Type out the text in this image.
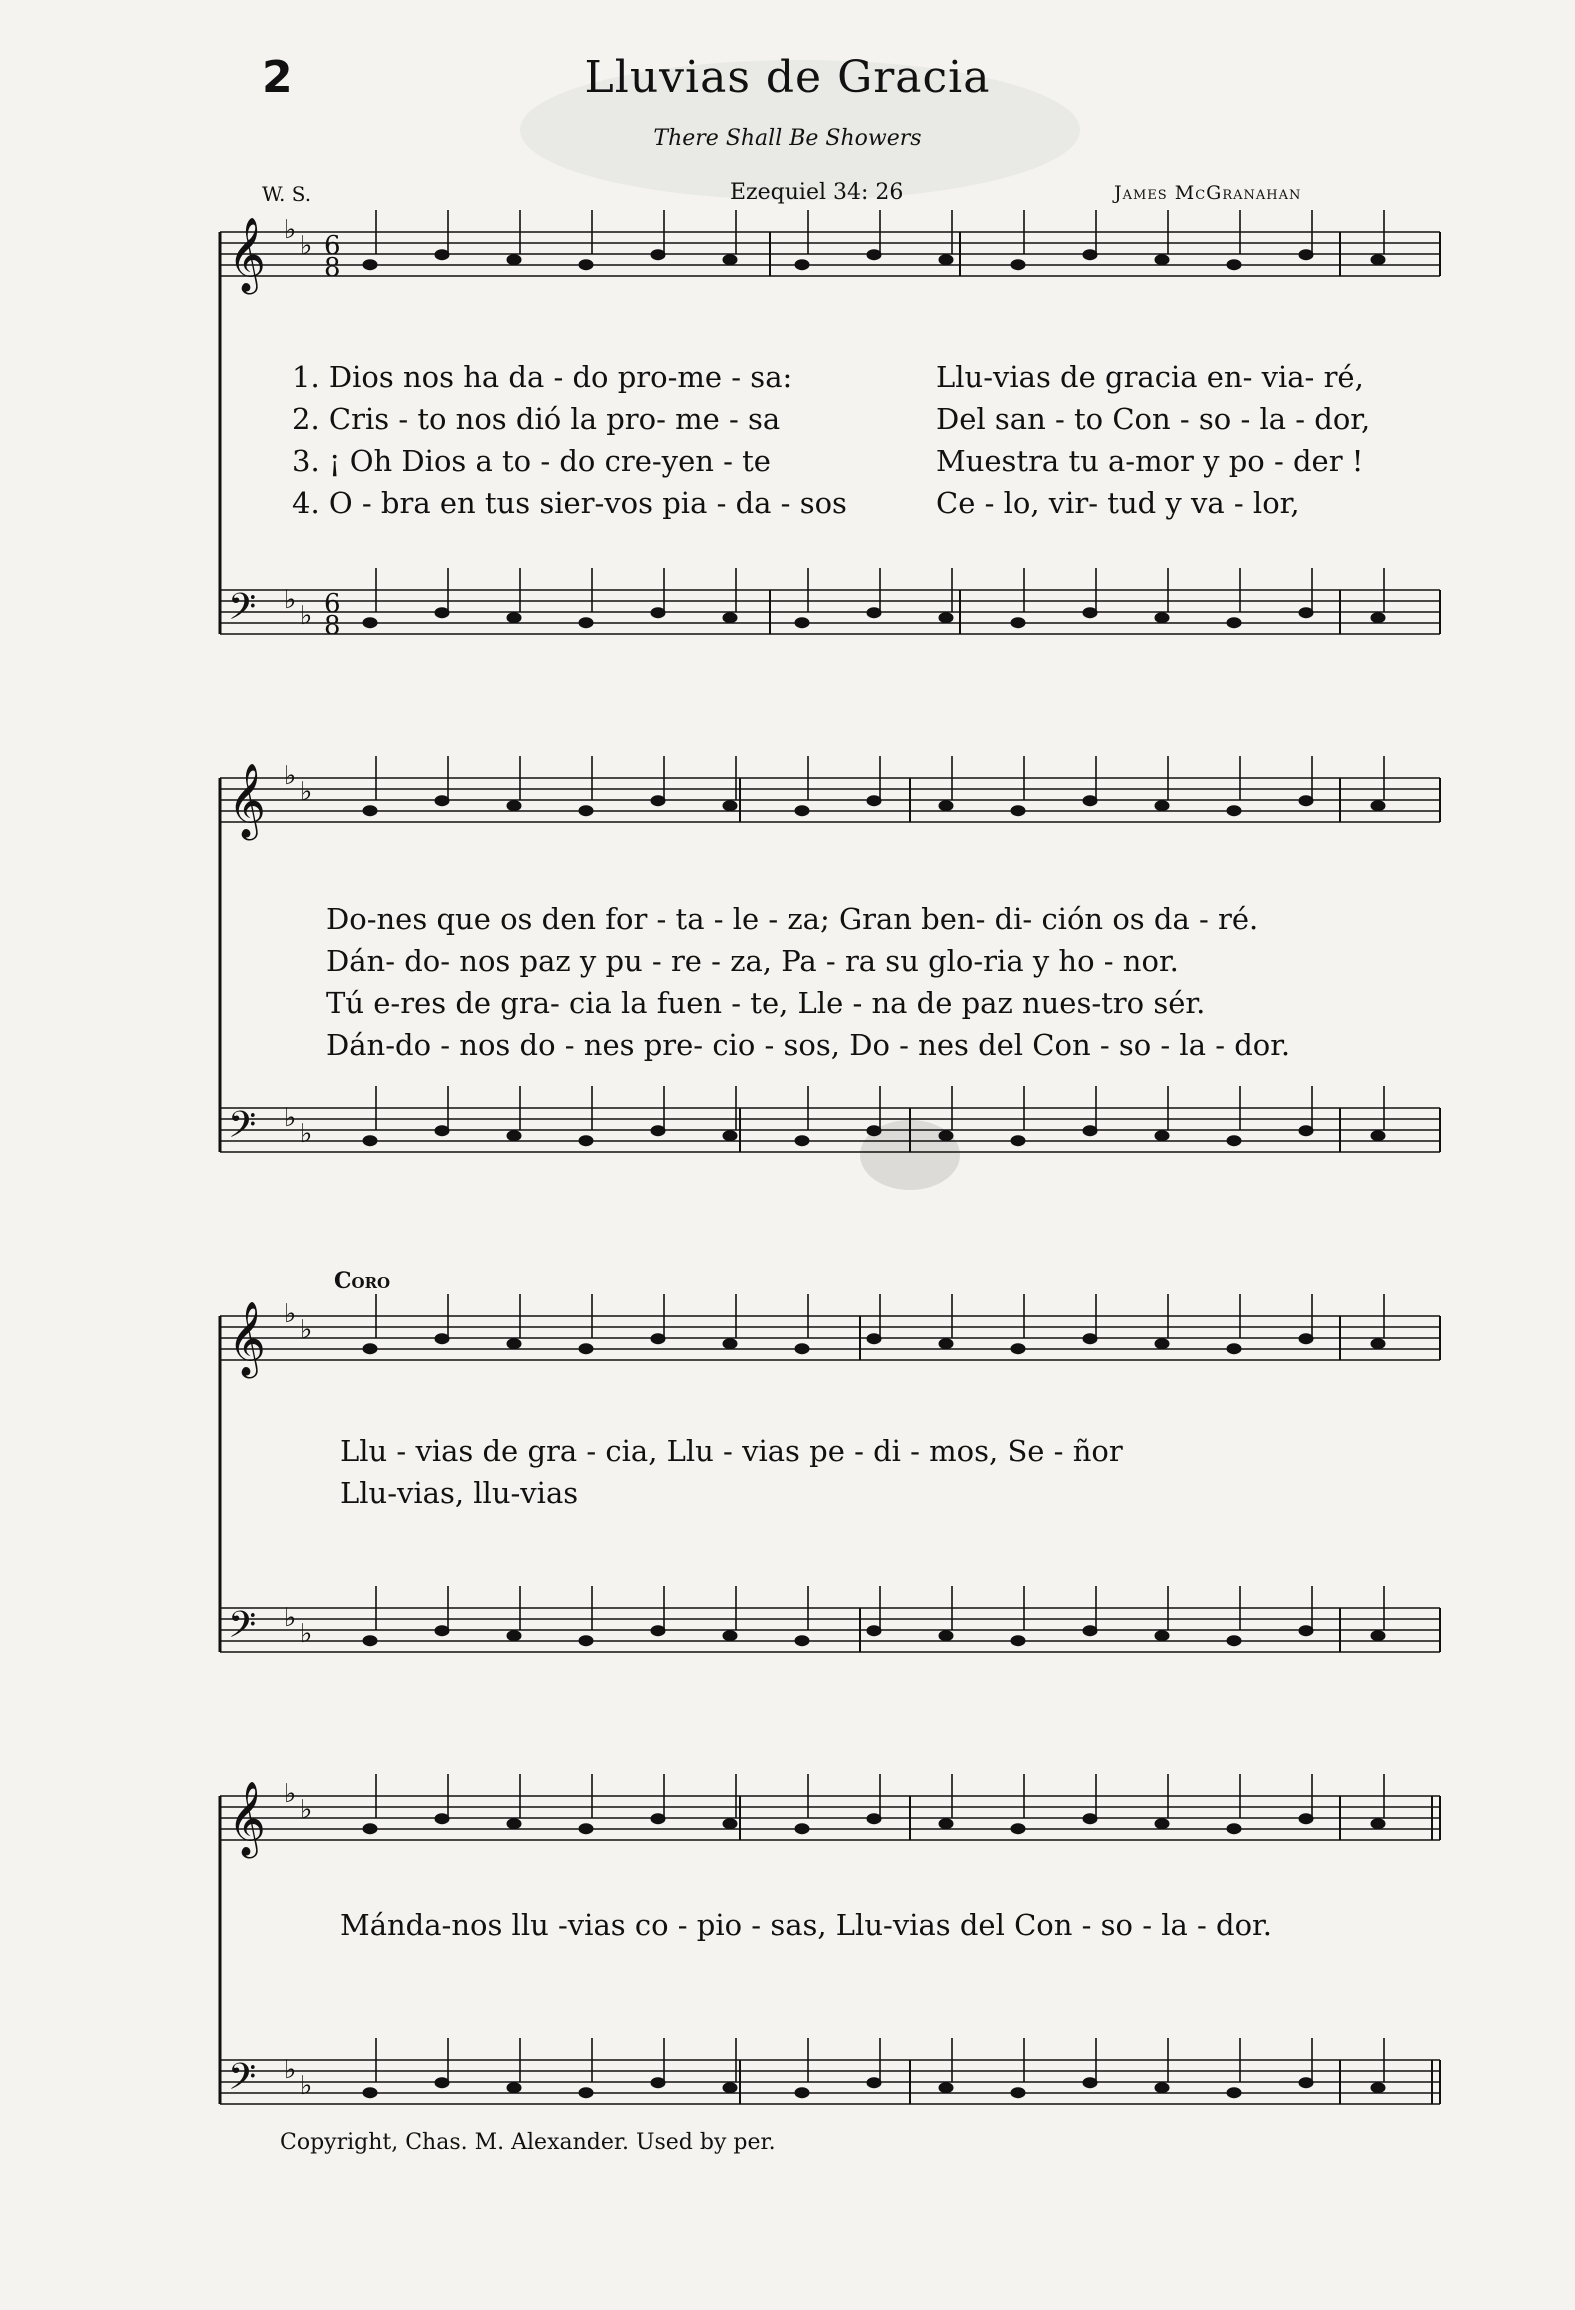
2	Lluvias de Gracia
There Shall Be Showers
W. S.	Ezequiel 34: 26	James McGranahan
𝄞 ♭
♭ 6
8
𝄢 ♭
♭ 6
8
𝄞 ♭
♭
𝄢 ♭
♭
𝄞 ♭
♭
𝄢 ♭
♭
𝄞 ♭
♭
𝄢 ♭
♭
1. Dios nos ha da - do pro-me - sa:
2. Cris - to nos dió la pro- me - sa
3. ¡ Oh Dios a to - do cre-yen - te
4. O - bra en tus sier-vos pia - da - sos
Llu-vias de gracia en- via- ré,
Del san - to Con - so - la - dor,
Muestra tu a-mor y po - der !
Ce - lo, vir- tud y va - lor,
Do-nes que os den for - ta - le - za; Gran ben- di- ción os da - ré.
Dán- do- nos paz y pu - re - za, Pa - ra su glo-ria y ho - nor.
Tú e-res de gra- cia la fuen - te, Lle - na de paz nues-tro sér.
Dán-do - nos do - nes pre- cio - sos, Do - nes del Con - so - la - dor.
Coro
Llu - vias de gra - cia, Llu - vias pe - di - mos, Se - ñor
Llu-vias, llu-vias
Mánda-nos llu -vias co - pio - sas, Llu-vias del Con - so - la - dor.
Copyright, Chas. M. Alexander. Used by per.
